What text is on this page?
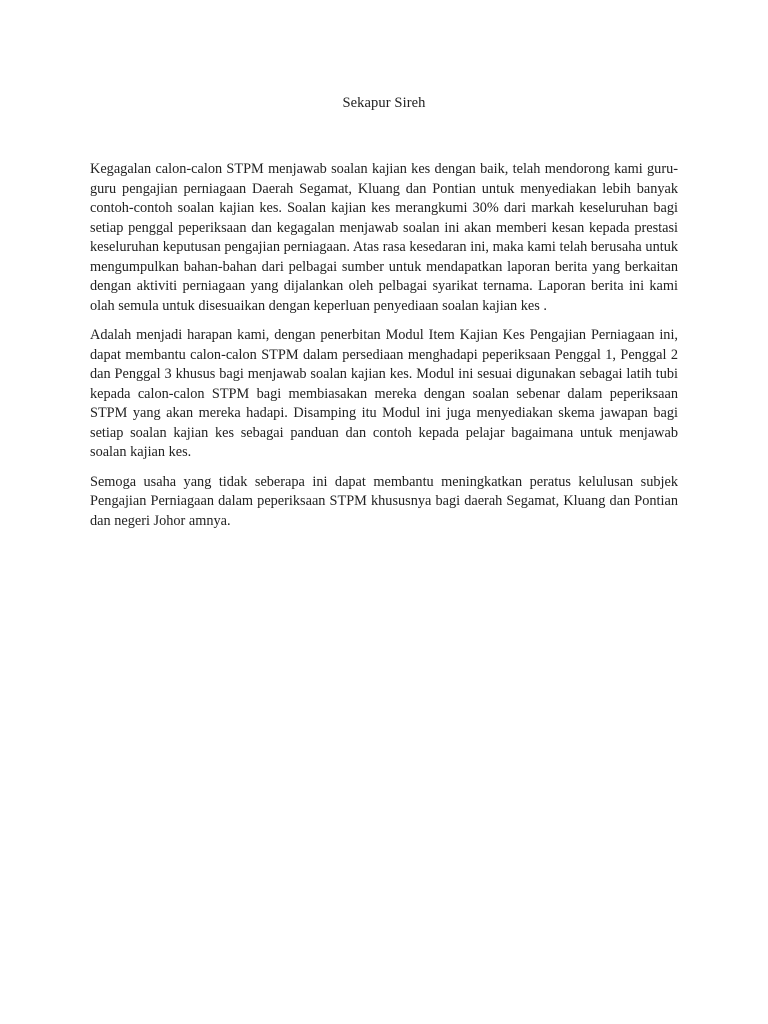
Sekapur Sireh

Kegagalan calon-calon STPM menjawab soalan kajian kes dengan baik, telah mendorong kami guru-guru pengajian perniagaan Daerah Segamat, Kluang dan Pontian untuk menyediakan lebih banyak contoh-contoh soalan kajian kes. Soalan kajian kes merangkumi 30% dari markah keseluruhan bagi setiap penggal peperiksaan dan kegagalan menjawab soalan ini akan memberi kesan kepada prestasi keseluruhan keputusan pengajian perniagaan. Atas rasa kesedaran ini, maka kami telah berusaha untuk mengumpulkan bahan-bahan dari pelbagai sumber untuk mendapatkan laporan berita yang berkaitan dengan aktiviti perniagaan yang dijalankan oleh pelbagai syarikat ternama. Laporan berita ini kami olah semula untuk disesuaikan dengan keperluan penyediaan soalan kajian kes .

Adalah menjadi harapan kami, dengan penerbitan Modul Item Kajian Kes Pengajian Perniagaan ini, dapat membantu calon-calon STPM dalam persediaan menghadapi peperiksaan Penggal 1, Penggal 2 dan Penggal 3 khusus bagi menjawab soalan kajian kes. Modul ini sesuai digunakan sebagai latih tubi kepada calon-calon STPM bagi membiasakan mereka dengan soalan sebenar dalam peperiksaan STPM yang akan mereka hadapi. Disamping itu Modul ini juga menyediakan skema jawapan bagi setiap soalan kajian kes sebagai panduan dan contoh kepada pelajar bagaimana untuk menjawab soalan kajian kes.

Semoga usaha yang tidak seberapa ini dapat membantu meningkatkan peratus kelulusan subjek Pengajian Perniagaan dalam peperiksaan STPM khususnya bagi daerah Segamat, Kluang dan Pontian dan negeri Johor amnya.
